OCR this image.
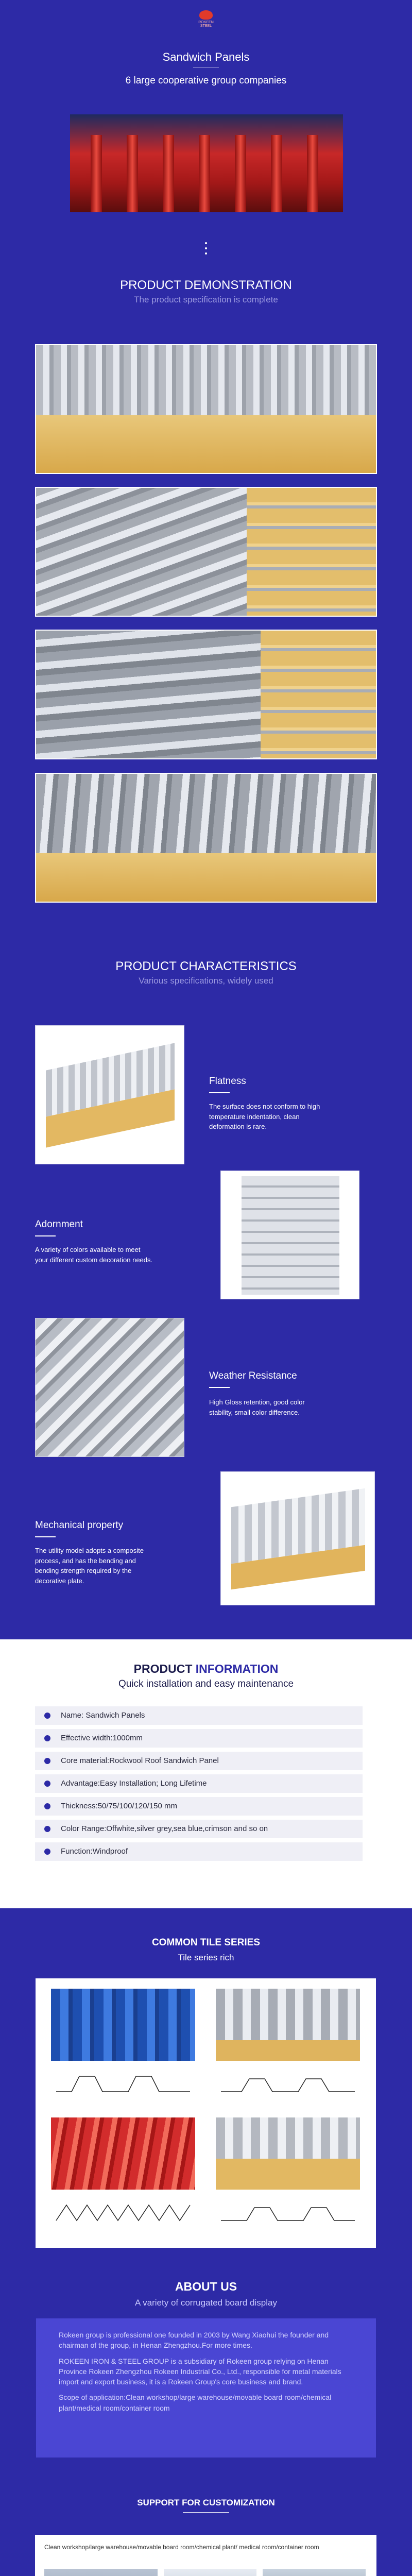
ROKEEN STEEL
Sandwich Panels
6 large cooperative group companies
PRODUCT DEMONSTRATION
The product specification is complete
PRODUCT CHARACTERISTICS
Various specifications, widely used
Flatness
The surface does not conform to high temperature indentation, clean deformation is rare.
Adornment
A variety of colors available to meet your different custom decoration needs.
Weather Resistance
High Gloss retention, good color stability, small color difference.
Mechanical property
The utility model adopts a composite process, and has the bending and bending strength required by the decorative plate.
PRODUCT INFORMATION
Quick installation and easy maintenance
Name: Sandwich Panels
Effective width:1000mm
Core material:Rockwool Roof Sandwich Panel
Advantage:Easy Installation; Long Lifetime
Thickness:50/75/100/120/150 mm
Color Range:Offwhite,silver grey,sea blue,crimson and so on
Function:Windproof
COMMON TILE SERIES
Tile series rich
ABOUT US
A variety of corrugated board display

Rokeen group is professional one founded in 2003 by Wang Xiaohui the founder and chairman of the group, in Henan Zhengzhou.For more times.

ROKEEN IRON & STEEL GROUP is a subsidiary of Rokeen group relying on Henan Province Rokeen Zhengzhou Rokeen Industrial Co., Ltd., responsible for metal materials import and export business, it is a Rokeen Group's core business and brand.

Scope of application:Clean workshop/large warehouse/movable board room/chemical plant/medical room/container room

SUPPORT FOR CUSTOMIZATION
Clean workshop/large warehouse/movable board room/chemical plant/ medical room/container room
